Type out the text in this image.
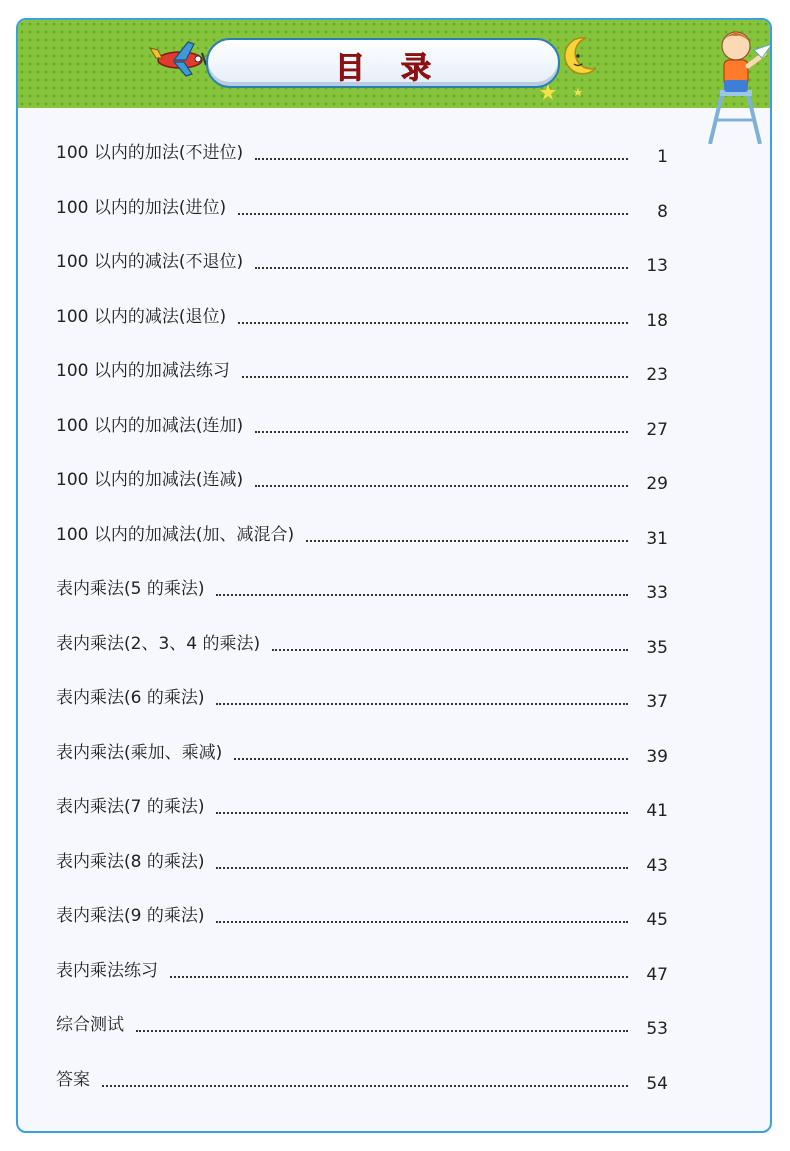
目录
100 以内的加法(不进位)	1
100 以内的加法(进位)	8
100 以内的减法(不退位)	13
100 以内的减法(退位)	18
100 以内的加减法练习	23
100 以内的加减法(连加)	27
100 以内的加减法(连减)	29
100 以内的加减法(加、减混合)	31
表内乘法(5 的乘法)	33
表内乘法(2、3、4 的乘法)	35
表内乘法(6 的乘法)	37
表内乘法(乘加、乘减)	39
表内乘法(7 的乘法)	41
表内乘法(8 的乘法)	43
表内乘法(9 的乘法)	45
表内乘法练习	47
综合测试	53
答案	54
